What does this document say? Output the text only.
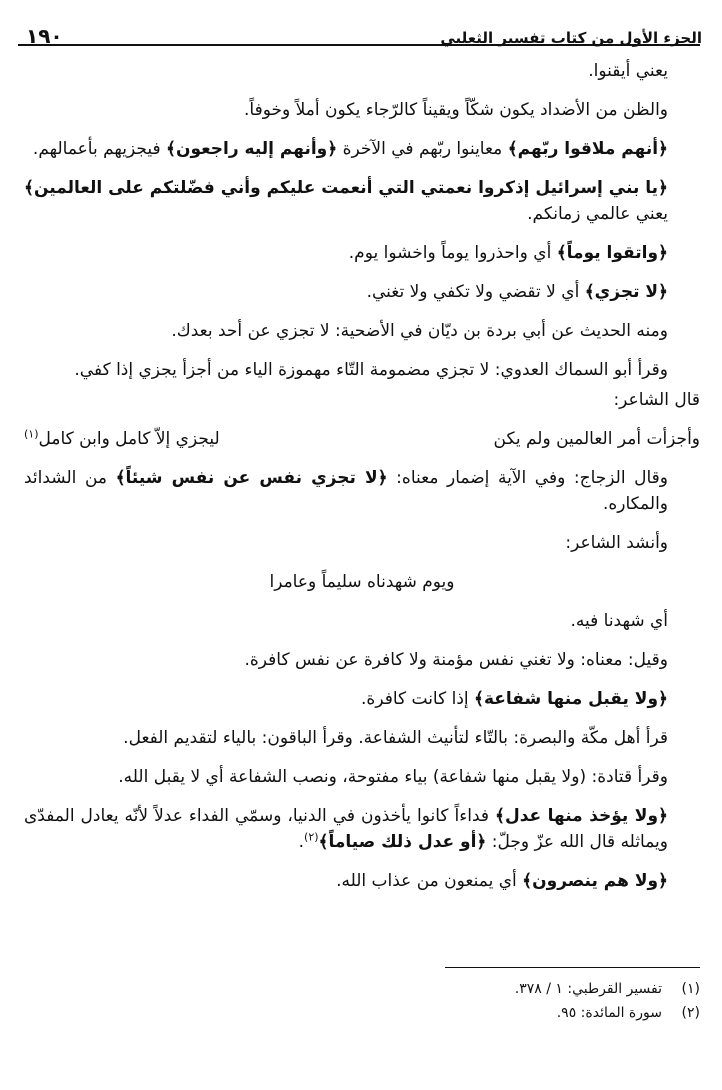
١٩٠	الجزء الأول من كتاب تفسير الثعلبي

يعني أيقنوا.

والظن من الأضداد يكون شكّاً ويقيناً كالرّجاء يكون أملاً وخوفاً.

﴿أنهم ملاقوا ربّهم﴾ معاينوا ربّهم في الآخرة ﴿وأنهم إليه راجعون﴾ فيجزيهم بأعمالهم.

﴿يا بني إسرائيل إذكروا نعمتي التي أنعمت عليكم وأني فضّلتكم على العالمين﴾ يعني عالمي زمانكم.

﴿واتقوا يوماً﴾ أي واحذروا يوماً واخشوا يوم.

﴿لا تجزي﴾ أي لا تقضي ولا تكفي ولا تغني.

ومنه الحديث عن أبي بردة بن ديّان في الأضحية: لا تجزي عن أحد بعدك.

وقرأ أبو السماك العدوي: لا تجزي مضمومة التّاء مهموزة الياء من أجزأ يجزي إذا كفي.

قال الشاعر:

وأجزأت أمر العالمين ولم يكن
ليجزي إلاّ كامل وابن كامل$^{(١)}$

وقال الزجاج: وفي الآية إضمار معناه: ﴿لا تجزي نفس عن نفس شيئاً﴾ من الشدائد والمكاره.

وأنشد الشاعر:

ويوم شهدناه سليماً وعامرا

أي شهدنا فيه.

وقيل: معناه: ولا تغني نفس مؤمنة ولا كافرة عن نفس كافرة.

﴿ولا يقبل منها شفاعة﴾ إذا كانت كافرة.

قرأ أهل مكّة والبصرة: بالتّاء لتأنيث الشفاعة. وقرأ الباقون: بالياء لتقديم الفعل.

وقرأ قتادة: (ولا يقبل منها شفاعة) بياء مفتوحة، ونصب الشفاعة أي لا يقبل الله.

﴿ولا يؤخذ منها عدل﴾ فداءاً كانوا يأخذون في الدنيا، وسمّي الفداء عدلاً لأنّه يعادل المفدّى ويماثله قال الله عزّ وجلّ: ﴿أو عدل ذلك صياماً﴾$^{(٢)}$.

﴿ولا هم ينصرون﴾ أي يمنعون من عذاب الله.

(١)
تفسير القرطبي: ١ / ٣٧٨.
(٢)
سورة المائدة: ٩٥.
